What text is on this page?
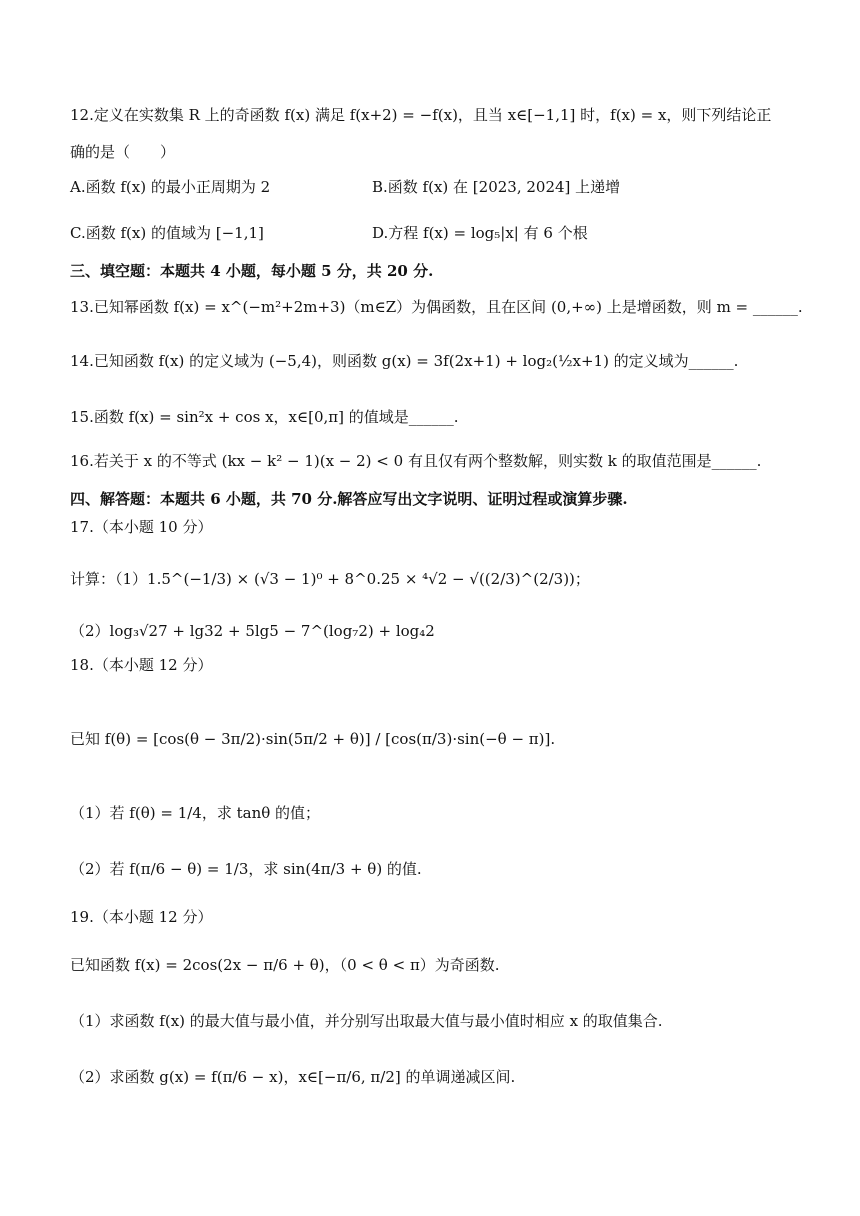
12.定义在实数集 R 上的奇函数 f(x) 满足 f(x+2) = −f(x)，且当 x∈[−1,1] 时，f(x) = x，则下列结论正
确的是（　　）
A.函数 f(x) 的最小正周期为 2	B.函数 f(x) 在 [2023, 2024] 上递增
C.函数 f(x) 的值域为 [−1,1]	D.方程 f(x) = log₅|x| 有 6 个根
三、填空题：本题共 4 小题，每小题 5 分，共 20 分.
13.已知幂函数 f(x) = x^(−m²+2m+3)（m∈Z）为偶函数，且在区间 (0,+∞) 上是增函数，则 m = ______.
14.已知函数 f(x) 的定义域为 (−5,4)，则函数 g(x) = 3f(2x+1) + log₂(½x+1) 的定义域为______.
15.函数 f(x) = sin²x + cos x，x∈[0,π] 的值域是______.
16.若关于 x 的不等式 (kx − k² − 1)(x − 2) < 0 有且仅有两个整数解，则实数 k 的取值范围是______.
四、解答题：本题共 6 小题，共 70 分.解答应写出文字说明、证明过程或演算步骤.
17.（本小题 10 分）
计算：（1）1.5^(−1/3) × (√3 − 1)⁰ + 8^0.25 × ⁴√2 − √((2/3)^(2/3))；
（2）log₃√27 + lg32 + 5lg5 − 7^(log₇2) + log₄2
18.（本小题 12 分）
已知 f(θ) = [cos(θ − 3π/2)·sin(5π/2 + θ)] / [cos(π/3)·sin(−θ − π)].
（1）若 f(θ) = 1/4，求 tanθ 的值；
（2）若 f(π/6 − θ) = 1/3，求 sin(4π/3 + θ) 的值.
19.（本小题 12 分）
已知函数 f(x) = 2cos(2x − π/6 + θ)，（0 < θ < π）为奇函数.
（1）求函数 f(x) 的最大值与最小值，并分别写出取最大值与最小值时相应 x 的取值集合.
（2）求函数 g(x) = f(π/6 − x)，x∈[−π/6, π/2] 的单调递减区间.
